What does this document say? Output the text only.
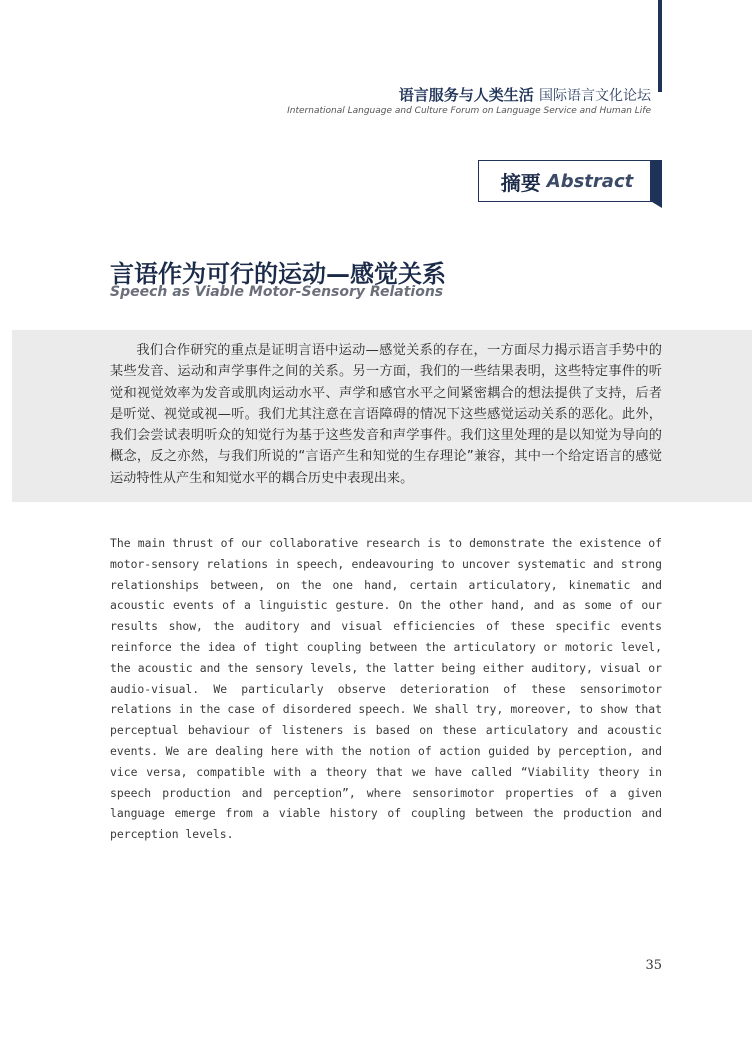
语言服务与人类生活 国际语言文化论坛
International Language and Culture Forum on Language Service and Human Life
摘要 Abstract
言语作为可行的运动—感觉关系
Speech as Viable Motor-Sensory Relations

我们合作研究的重点是证明言语中运动—感觉关系的存在，一方面尽力揭示语言手势中的某些发音、运动和声学事件之间的关系。另一方面，我们的一些结果表明，这些特定事件的听觉和视觉效率为发音或肌肉运动水平、声学和感官水平之间紧密耦合的想法提供了支持，后者是听觉、视觉或视—听。我们尤其注意在言语障碍的情况下这些感觉运动关系的恶化。此外，我们会尝试表明听众的知觉行为基于这些发音和声学事件。我们这里处理的是以知觉为导向的概念，反之亦然，与我们所说的“言语产生和知觉的生存理论”兼容，其中一个给定语言的感觉运动特性从产生和知觉水平的耦合历史中表现出来。

The main thrust of our collaborative research is to demonstrate the existence of motor-sensory relations in speech, endeavouring to uncover systematic and strong relationships between, on the one hand, certain articulatory, kinematic and acoustic events of a linguistic gesture. On the other hand, and as some of our results show, the auditory and visual efficiencies of these specific events reinforce the idea of tight coupling between the articulatory or motoric level, the acoustic and the sensory levels, the latter being either auditory, visual or audio-visual. We particularly observe deterioration of these sensorimotor relations in the case of disordered speech. We shall try, moreover, to show that perceptual behaviour of listeners is based on these articulatory and acoustic events. We are dealing here with the notion of action guided by perception, and vice versa, compatible with a theory that we have called “Viability theory in speech production and perception”, where sensorimotor properties of a given language emerge from a viable history of coupling between the production and perception levels.

35
